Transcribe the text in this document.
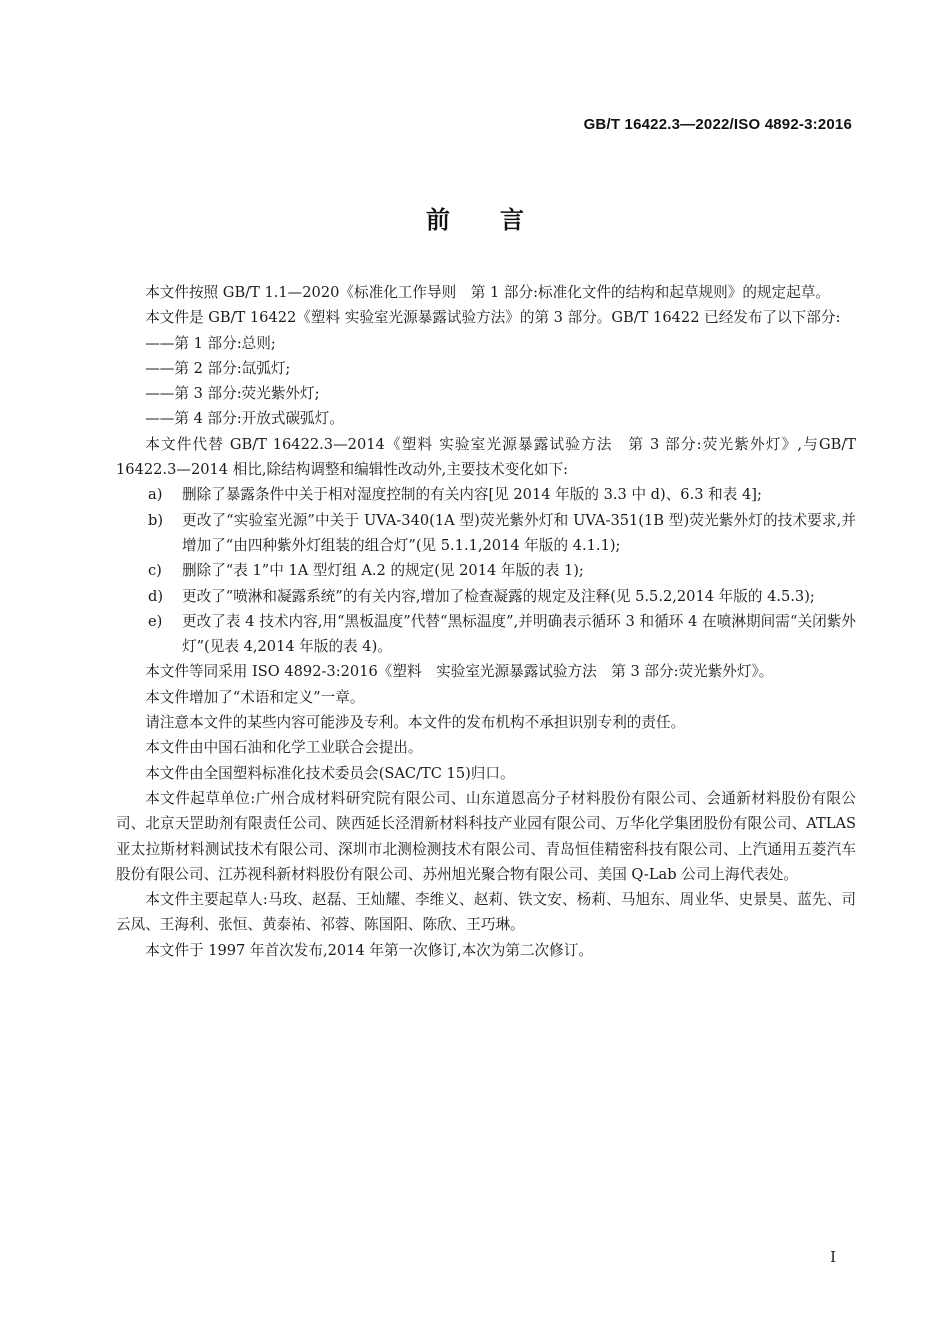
GB/T 16422.3—2022/ISO 4892-3:2016
前言

本文件按照 GB/T 1.1—2020《标准化工作导则　第 1 部分:标准化文件的结构和起草规则》的规定起草。

本文件是 GB/T 16422《塑料 实验室光源暴露试验方法》的第 3 部分。GB/T 16422 已经发布了以下部分:

——第 1 部分:总则;

——第 2 部分:氙弧灯;

——第 3 部分:荧光紫外灯;

——第 4 部分:开放式碳弧灯。

本文件代替 GB/T 16422.3—2014《塑料 实验室光源暴露试验方法　第 3 部分:荧光紫外灯》,与GB/T 16422.3—2014 相比,除结构调整和编辑性改动外,主要技术变化如下:

a) 删除了暴露条件中关于相对湿度控制的有关内容[见 2014 年版的 3.3 中 d)、6.3 和表 4];

b) 更改了“实验室光源”中关于 UVA-340(1A 型)荧光紫外灯和 UVA-351(1B 型)荧光紫外灯的技术要求,并增加了“由四种紫外灯组装的组合灯”(见 5.1.1,2014 年版的 4.1.1);

c) 删除了“表 1”中 1A 型灯组 A.2 的规定(见 2014 年版的表 1);

d) 更改了“喷淋和凝露系统”的有关内容,增加了检查凝露的规定及注释(见 5.5.2,2014 年版的 4.5.3);

e) 更改了表 4 技术内容,用“黑板温度”代替“黑标温度”,并明确表示循环 3 和循环 4 在喷淋期间需“关闭紫外灯”(见表 4,2014 年版的表 4)。

本文件等同采用 ISO 4892-3:2016《塑料　实验室光源暴露试验方法　第 3 部分:荧光紫外灯》。

本文件增加了“术语和定义”一章。

请注意本文件的某些内容可能涉及专利。本文件的发布机构不承担识别专利的责任。

本文件由中国石油和化学工业联合会提出。

本文件由全国塑料标准化技术委员会(SAC/TC 15)归口。

本文件起草单位:广州合成材料研究院有限公司、山东道恩高分子材料股份有限公司、会通新材料股份有限公司、北京天罡助剂有限责任公司、陕西延长泾渭新材料科技产业园有限公司、万华化学集团股份有限公司、ATLAS 亚太拉斯材料测试技术有限公司、深圳市北测检测技术有限公司、青岛恒佳精密科技有限公司、上汽通用五菱汽车股份有限公司、江苏视科新材料股份有限公司、苏州旭光聚合物有限公司、美国 Q-Lab 公司上海代表处。

本文件主要起草人:马玫、赵磊、王灿耀、李维义、赵莉、铁文安、杨莉、马旭东、周业华、史景昊、蓝先、司云凤、王海利、张恒、黄泰祐、祁蓉、陈国阳、陈欣、王巧琳。

本文件于 1997 年首次发布,2014 年第一次修订,本次为第二次修订。

I
